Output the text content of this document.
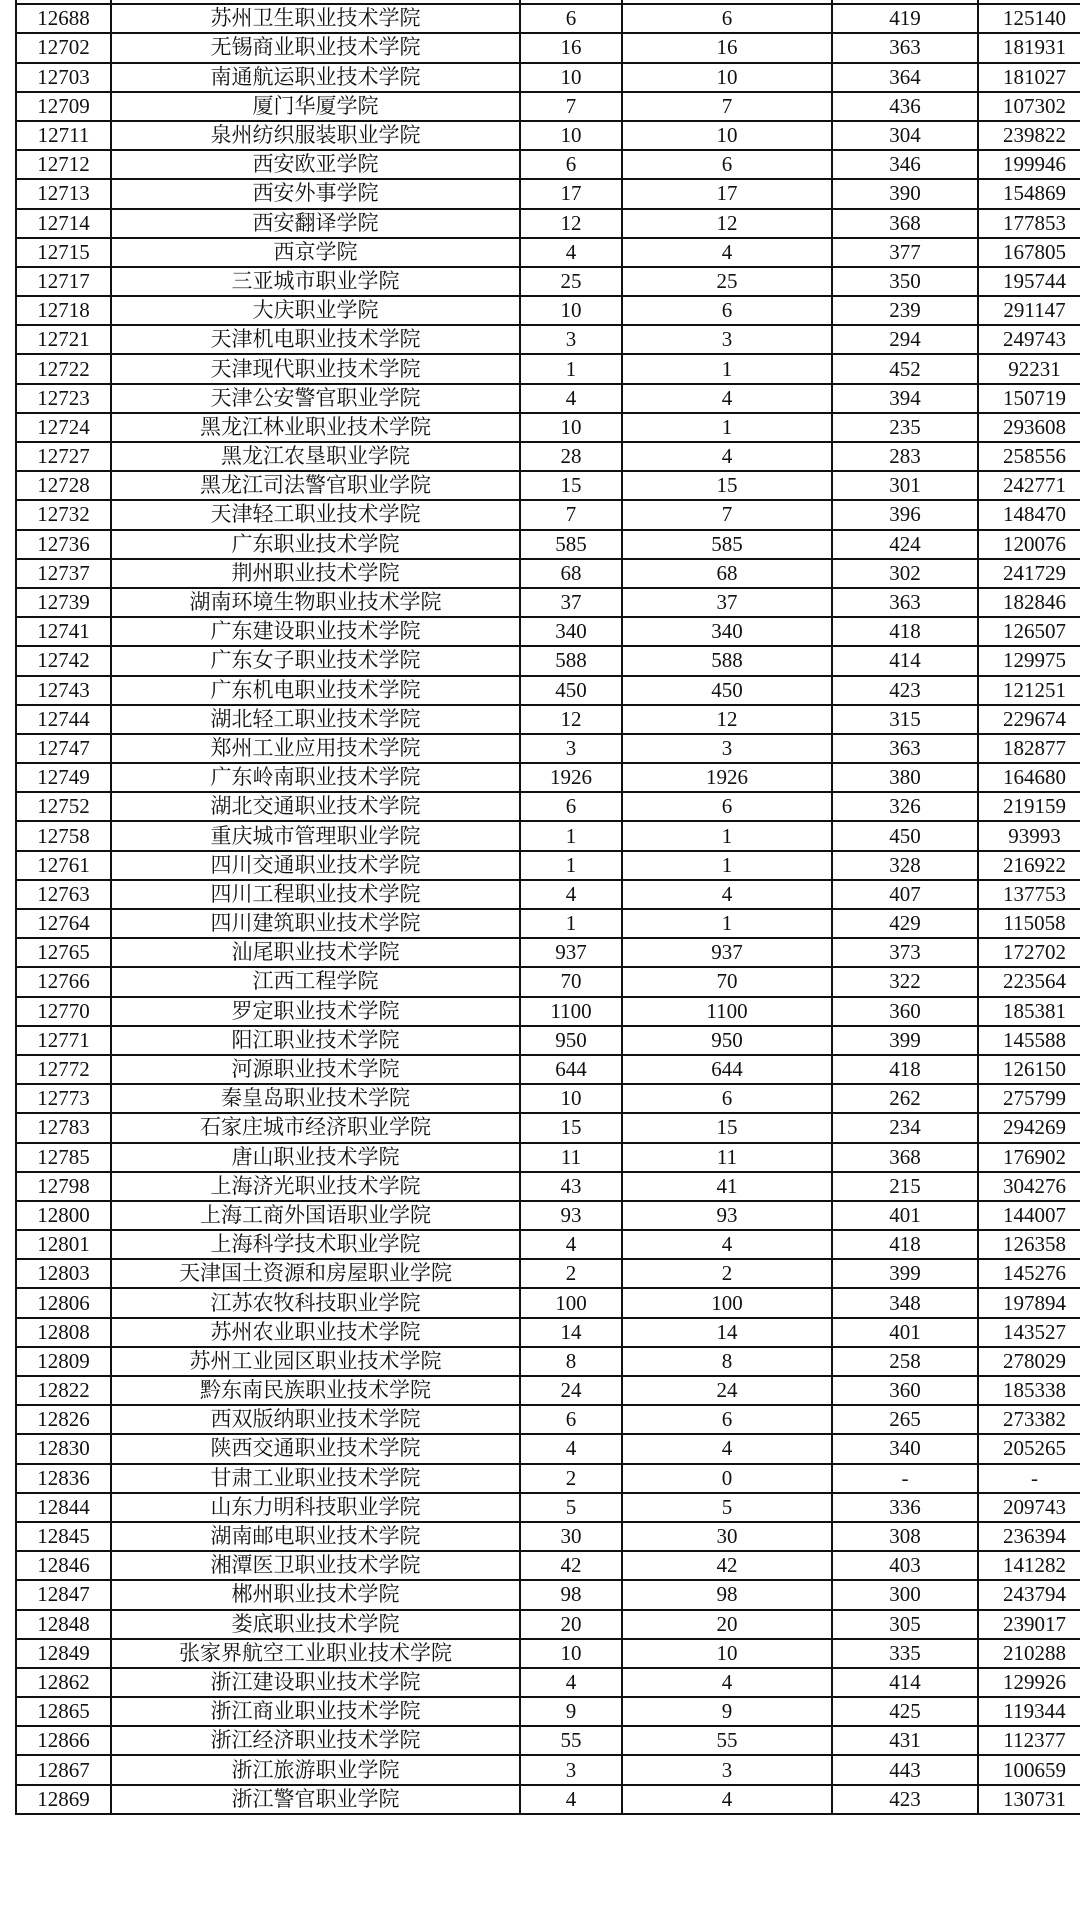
12688	苏州卫生职业技术学院	6	6	419	125140
12702	无锡商业职业技术学院	16	16	363	181931
12703	南通航运职业技术学院	10	10	364	181027
12709	厦门华厦学院	7	7	436	107302
12711	泉州纺织服装职业学院	10	10	304	239822
12712	西安欧亚学院	6	6	346	199946
12713	西安外事学院	17	17	390	154869
12714	西安翻译学院	12	12	368	177853
12715	西京学院	4	4	377	167805
12717	三亚城市职业学院	25	25	350	195744
12718	大庆职业学院	10	6	239	291147
12721	天津机电职业技术学院	3	3	294	249743
12722	天津现代职业技术学院	1	1	452	92231
12723	天津公安警官职业学院	4	4	394	150719
12724	黑龙江林业职业技术学院	10	1	235	293608
12727	黑龙江农垦职业学院	28	4	283	258556
12728	黑龙江司法警官职业学院	15	15	301	242771
12732	天津轻工职业技术学院	7	7	396	148470
12736	广东职业技术学院	585	585	424	120076
12737	荆州职业技术学院	68	68	302	241729
12739	湖南环境生物职业技术学院	37	37	363	182846
12741	广东建设职业技术学院	340	340	418	126507
12742	广东女子职业技术学院	588	588	414	129975
12743	广东机电职业技术学院	450	450	423	121251
12744	湖北轻工职业技术学院	12	12	315	229674
12747	郑州工业应用技术学院	3	3	363	182877
12749	广东岭南职业技术学院	1926	1926	380	164680
12752	湖北交通职业技术学院	6	6	326	219159
12758	重庆城市管理职业学院	1	1	450	93993
12761	四川交通职业技术学院	1	1	328	216922
12763	四川工程职业技术学院	4	4	407	137753
12764	四川建筑职业技术学院	1	1	429	115058
12765	汕尾职业技术学院	937	937	373	172702
12766	江西工程学院	70	70	322	223564
12770	罗定职业技术学院	1100	1100	360	185381
12771	阳江职业技术学院	950	950	399	145588
12772	河源职业技术学院	644	644	418	126150
12773	秦皇岛职业技术学院	10	6	262	275799
12783	石家庄城市经济职业学院	15	15	234	294269
12785	唐山职业技术学院	11	11	368	176902
12798	上海济光职业技术学院	43	41	215	304276
12800	上海工商外国语职业学院	93	93	401	144007
12801	上海科学技术职业学院	4	4	418	126358
12803	天津国土资源和房屋职业学院	2	2	399	145276
12806	江苏农牧科技职业学院	100	100	348	197894
12808	苏州农业职业技术学院	14	14	401	143527
12809	苏州工业园区职业技术学院	8	8	258	278029
12822	黔东南民族职业技术学院	24	24	360	185338
12826	西双版纳职业技术学院	6	6	265	273382
12830	陕西交通职业技术学院	4	4	340	205265
12836	甘肃工业职业技术学院	2	0	-	-
12844	山东力明科技职业学院	5	5	336	209743
12845	湖南邮电职业技术学院	30	30	308	236394
12846	湘潭医卫职业技术学院	42	42	403	141282
12847	郴州职业技术学院	98	98	300	243794
12848	娄底职业技术学院	20	20	305	239017
12849	张家界航空工业职业技术学院	10	10	335	210288
12862	浙江建设职业技术学院	4	4	414	129926
12865	浙江商业职业技术学院	9	9	425	119344
12866	浙江经济职业技术学院	55	55	431	112377
12867	浙江旅游职业学院	3	3	443	100659
12869	浙江警官职业学院	4	4	423	130731
